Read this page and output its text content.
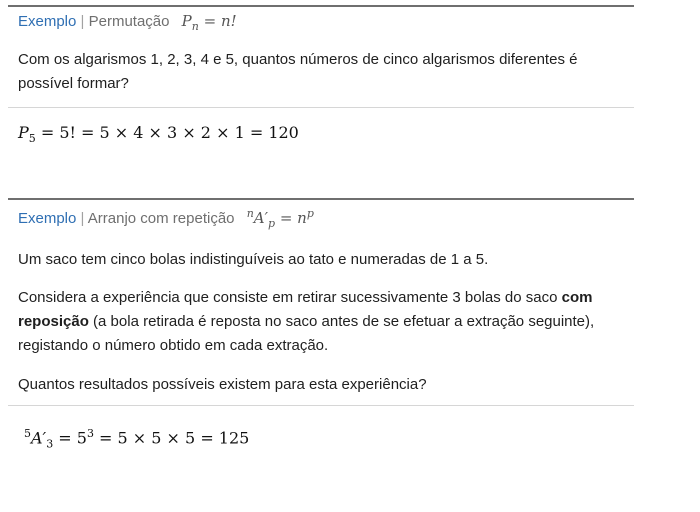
Exemplo | Permutação $P_n = n$!
Com os algarismos 1, 2, 3, 4 e 5, quantos números de cinco algarismos diferentes é possível formar?
$P_5 = 5$! = 5 × 4 × 3 × 2 × 1 = 120
Exemplo | Arranjo com repetição $^nA'_p = n^p$
Um saco tem cinco bolas indistinguíveis ao tato e numeradas de 1 a 5.
Considera a experiência que consiste em retirar sucessivamente 3 bolas do saco com reposição (a bola retirada é reposta no saco antes de se efetuar a extração seguinte), registando o número obtido em cada extração.
Quantos resultados possíveis existem para esta experiência?
$^5A'_3 = 5^3 = 5 \times 5 \times 5 = 125$
